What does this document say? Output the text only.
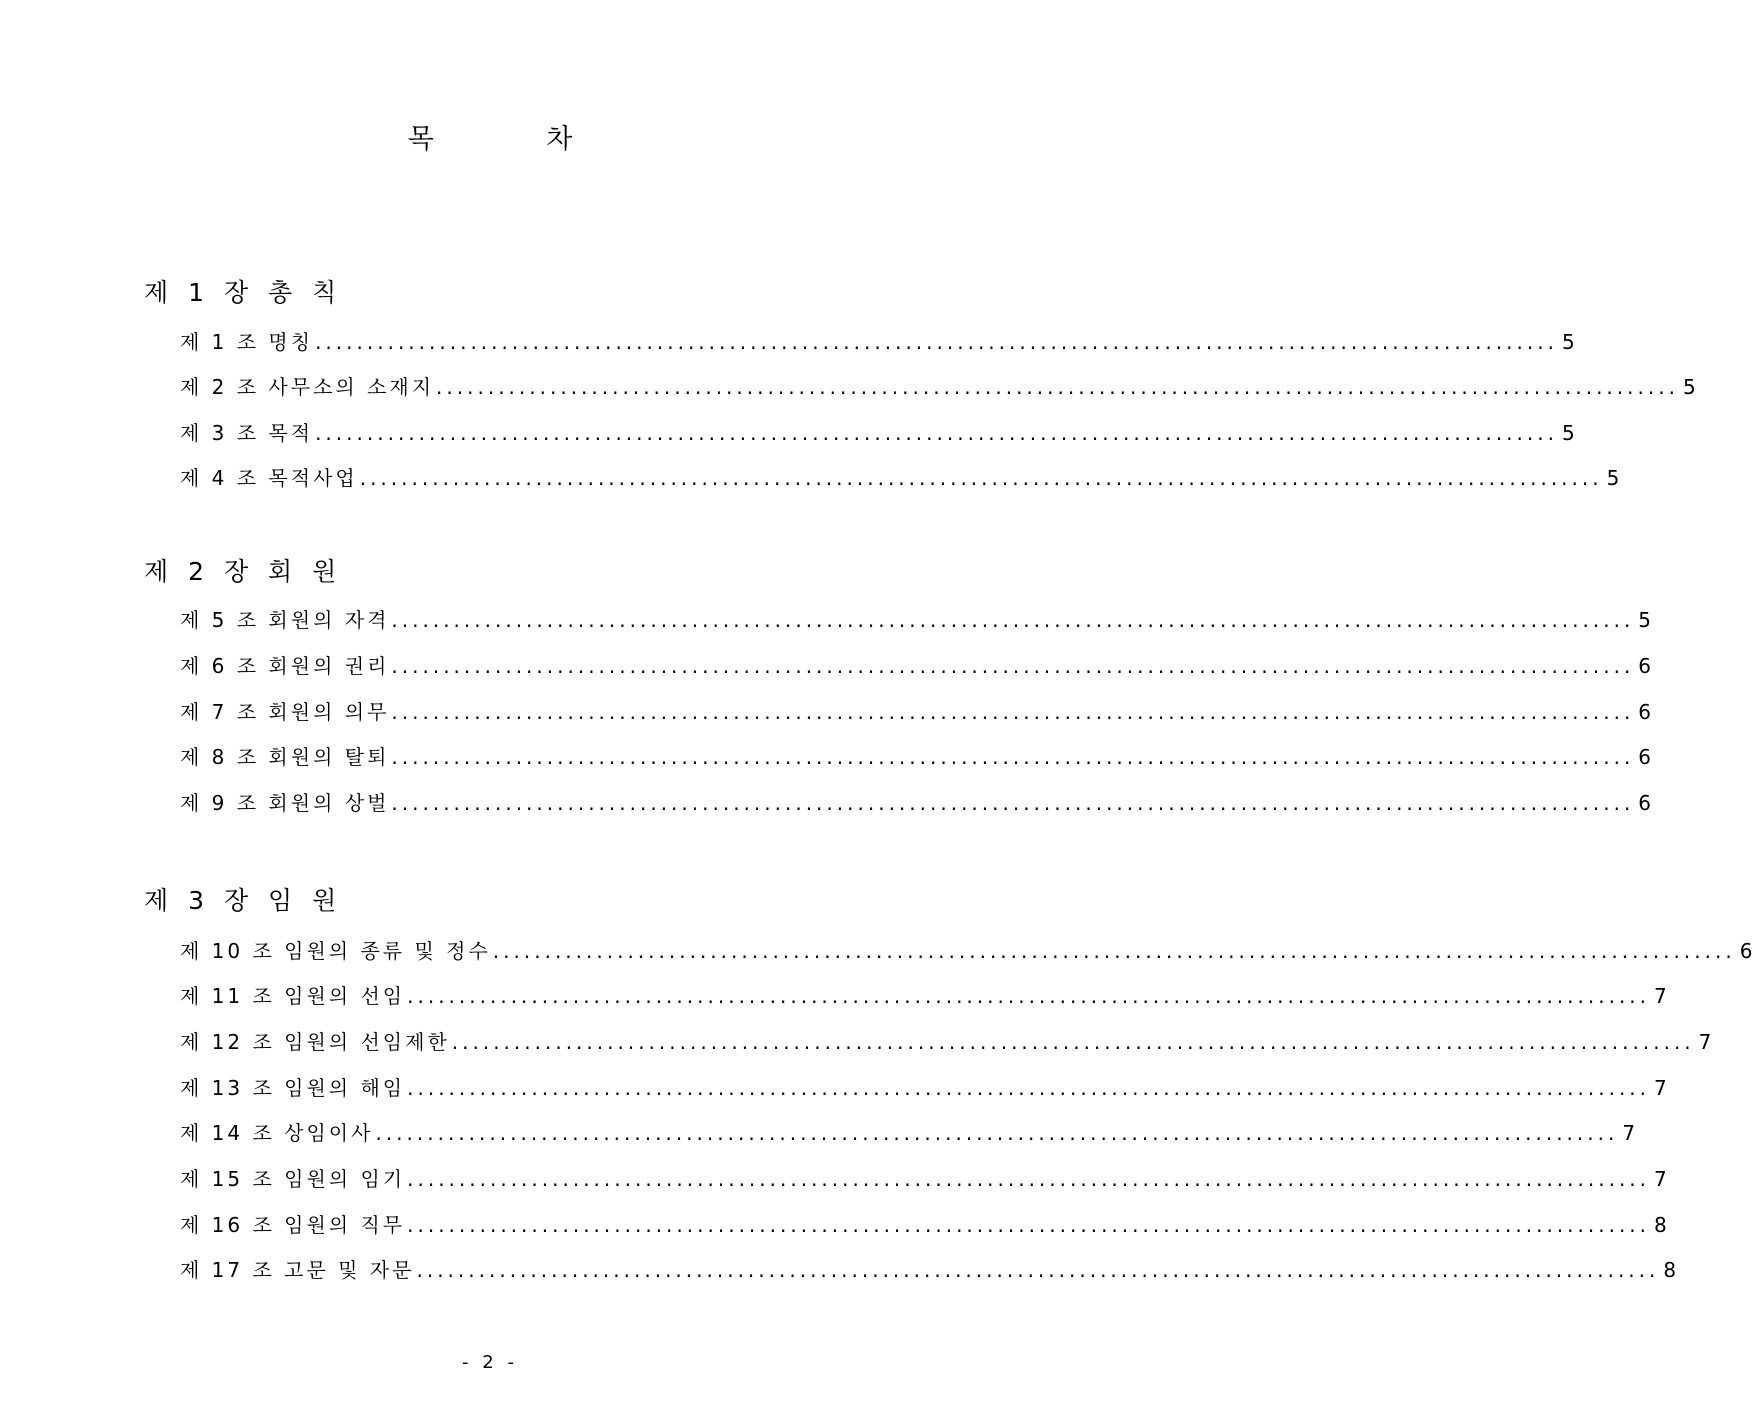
목 차
제 1 장 총 칙
제 1 조 명칭 ........................................................................................................................ 5
제 2 조 사무소의 소재지 ........................................................................................................................ 5
제 3 조 목적 ........................................................................................................................ 5
제 4 조 목적사업 ........................................................................................................................ 5
제 2 장 회 원
제 5 조 회원의 자격 ........................................................................................................................ 5
제 6 조 회원의 권리 ........................................................................................................................ 6
제 7 조 회원의 의무 ........................................................................................................................ 6
제 8 조 회원의 탈퇴 ........................................................................................................................ 6
제 9 조 회원의 상벌 ........................................................................................................................ 6
제 3 장 임 원
제 10 조 임원의 종류 및 정수 ........................................................................................................................ 6
제 11 조 임원의 선임 ........................................................................................................................ 7
제 12 조 임원의 선임제한 ........................................................................................................................ 7
제 13 조 임원의 해임 ........................................................................................................................ 7
제 14 조 상임이사 ........................................................................................................................ 7
제 15 조 임원의 임기 ........................................................................................................................ 7
제 16 조 임원의 직무 ........................................................................................................................ 8
제 17 조 고문 및 자문 ........................................................................................................................ 8
- 2 -
